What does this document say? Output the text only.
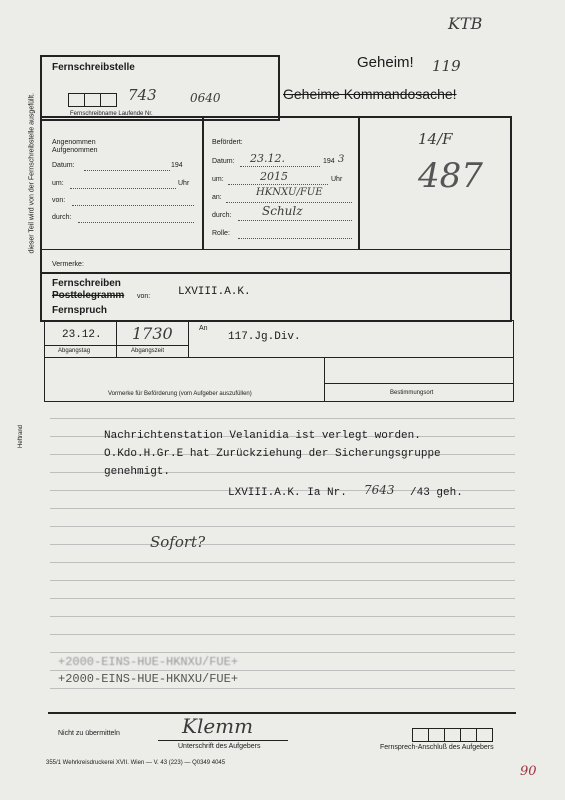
KTB
Geheim! 119
Geheime Kommandosache!
dieser Teil wird von der Fernschreibstelle ausgefüllt.
Fernschreibstelle
743	0640
Fernschreibname Laufende Nr.
Angenommen
Aufgenommen
Datum:	194
um:	Uhr
von:
durch:
Befördert:
Datum: 23.12.	194 3
um:	2015	Uhr
an:	HKNXU/FUE
durch:	Schulz
Rolle:
14/F
487
Vermerke:
Fernschreiben
Posttelegramm
Fernspruch
von:	LXVIII.A.K.
23.12. 1730
Abgangstag	Abgangszeit
An
117.Jg.Div.
Vormerke für Beförderung (vom Aufgeber auszufüllen)	Bestimmungsort
Heftrand	Nachrichtenstation Velanidia ist verlegt worden.
O.Kdo.H.Gr.E hat Zurückziehung der Sicherungsgruppe
genehmigt.
LXVIII.A.K. Ia Nr. 7643 /43 geh.
Sofort?
+2000-EINS-HUE-HKNXU/FUE+
+2000-EINS-HUE-HKNXU/FUE+
Nicht zu übermitteln	Klemm
Unterschrift des Aufgebers	Fernsprech-Anschluß des Aufgebers
355/1 Wehrkreisdruckerei XVII. Wien — V. 43 (223) — Q0349 4045
90
